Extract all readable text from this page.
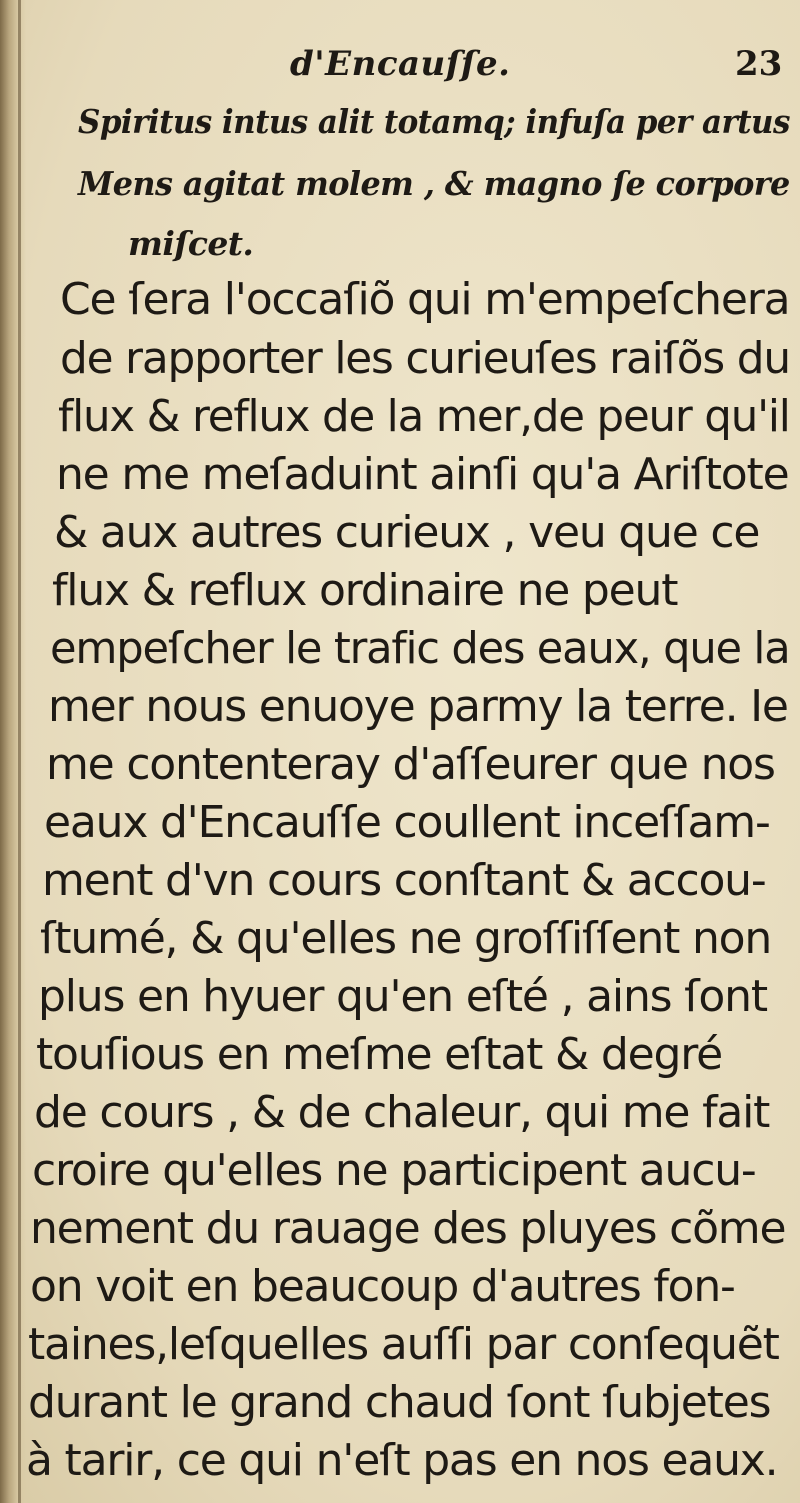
d'Encauſſe.	23
Spiritus intus alit totamq; infuſa per artus
Mens agitat molem , & magno ſe corpore
miſcet.
Ce ſera l'occaſiõ qui m'empeſchera
de rapporter les curieuſes raiſõs du
flux & reflux de la mer,de peur qu'il
ne me meſaduint ainſi qu'a Ariſtote
& aux autres curieux , veu que ce
flux & reflux ordinaire ne peut
empeſcher le trafic des eaux, que la
mer nous enuoye parmy la terre. Ie
me contenteray d'aſſeurer que nos
eaux d'Encauſſe coullent inceſſam-
ment d'vn cours conſtant & accou-
ſtumé, & qu'elles ne groſſiſſent non
plus en hyuer qu'en eſté , ains ſont
touſious en meſme eſtat & degré
de cours , & de chaleur, qui me fait
croire qu'elles ne participent aucu-
nement du rauage des pluyes cõme
on voit en beaucoup d'autres fon-
taines,leſquelles auſſi par conſequẽt
durant le grand chaud ſont ſubjetes
à tarir, ce qui n'eſt pas en nos eaux.
